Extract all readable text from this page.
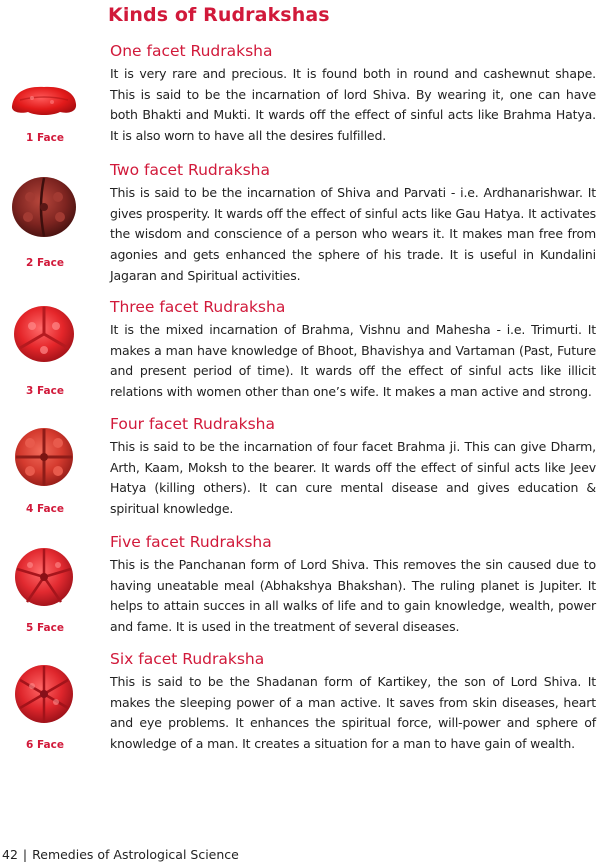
Kinds of Rudrakshas
One facet Rudraksha

It is very rare and precious. It is found both in round and cashewnut shape. This is said to be the incarnation of lord Shiva. By wearing it, one can have both Bhakti and Mukti. It wards off the effect of sinful acts like Brahma Hatya. It is also worn to have all the desires fulfilled.

1 Face
Two facet Rudraksha

This is said to be the incarnation of Shiva and Parvati - i.e. Ardhanarishwar. It gives prosperity. It wards off the effect of sinful acts like Gau Hatya. It activates the wisdom and conscience of a person who wears it. It makes man free from agonies and gets enhanced the sphere of his trade. It is useful in Kundalini Jagaran and Spiritual activities.

2 Face
Three facet Rudraksha

It is the mixed incarnation of Brahma, Vishnu and Mahesha - i.e. Trimurti. It makes a man have knowledge of Bhoot, Bhavishya and Vartaman (Past, Future and present period of time). It wards off the effect of sinful acts like illicit relations with women other than one’s wife. It makes a man active and strong.

3 Face
Four facet Rudraksha

This is said to be the incarnation of four facet Brahma ji. This can give Dharm, Arth, Kaam, Moksh to the bearer. It wards off the effect of sinful acts like Jeev Hatya (killing others). It can cure mental disease and gives education & spiritual knowledge.

4 Face
Five facet Rudraksha

This is the Panchanan form of Lord Shiva. This removes the sin caused due to having uneatable meal (Abhakshya Bhakshan). The ruling planet is Jupiter. It helps to attain succes in all walks of life and to gain knowledge, wealth, power and fame. It is used in the treatment of several diseases.

5 Face
Six facet Rudraksha

This is said to be the Shadanan form of Kartikey, the son of Lord Shiva. It makes the sleeping power of a man active. It saves from skin diseases, heart and eye problems. It enhances the spiritual force, will-power and sphere of knowledge of a man. It creates a situation for a man to have gain of wealth.

6 Face
42 | Remedies of Astrological Science
